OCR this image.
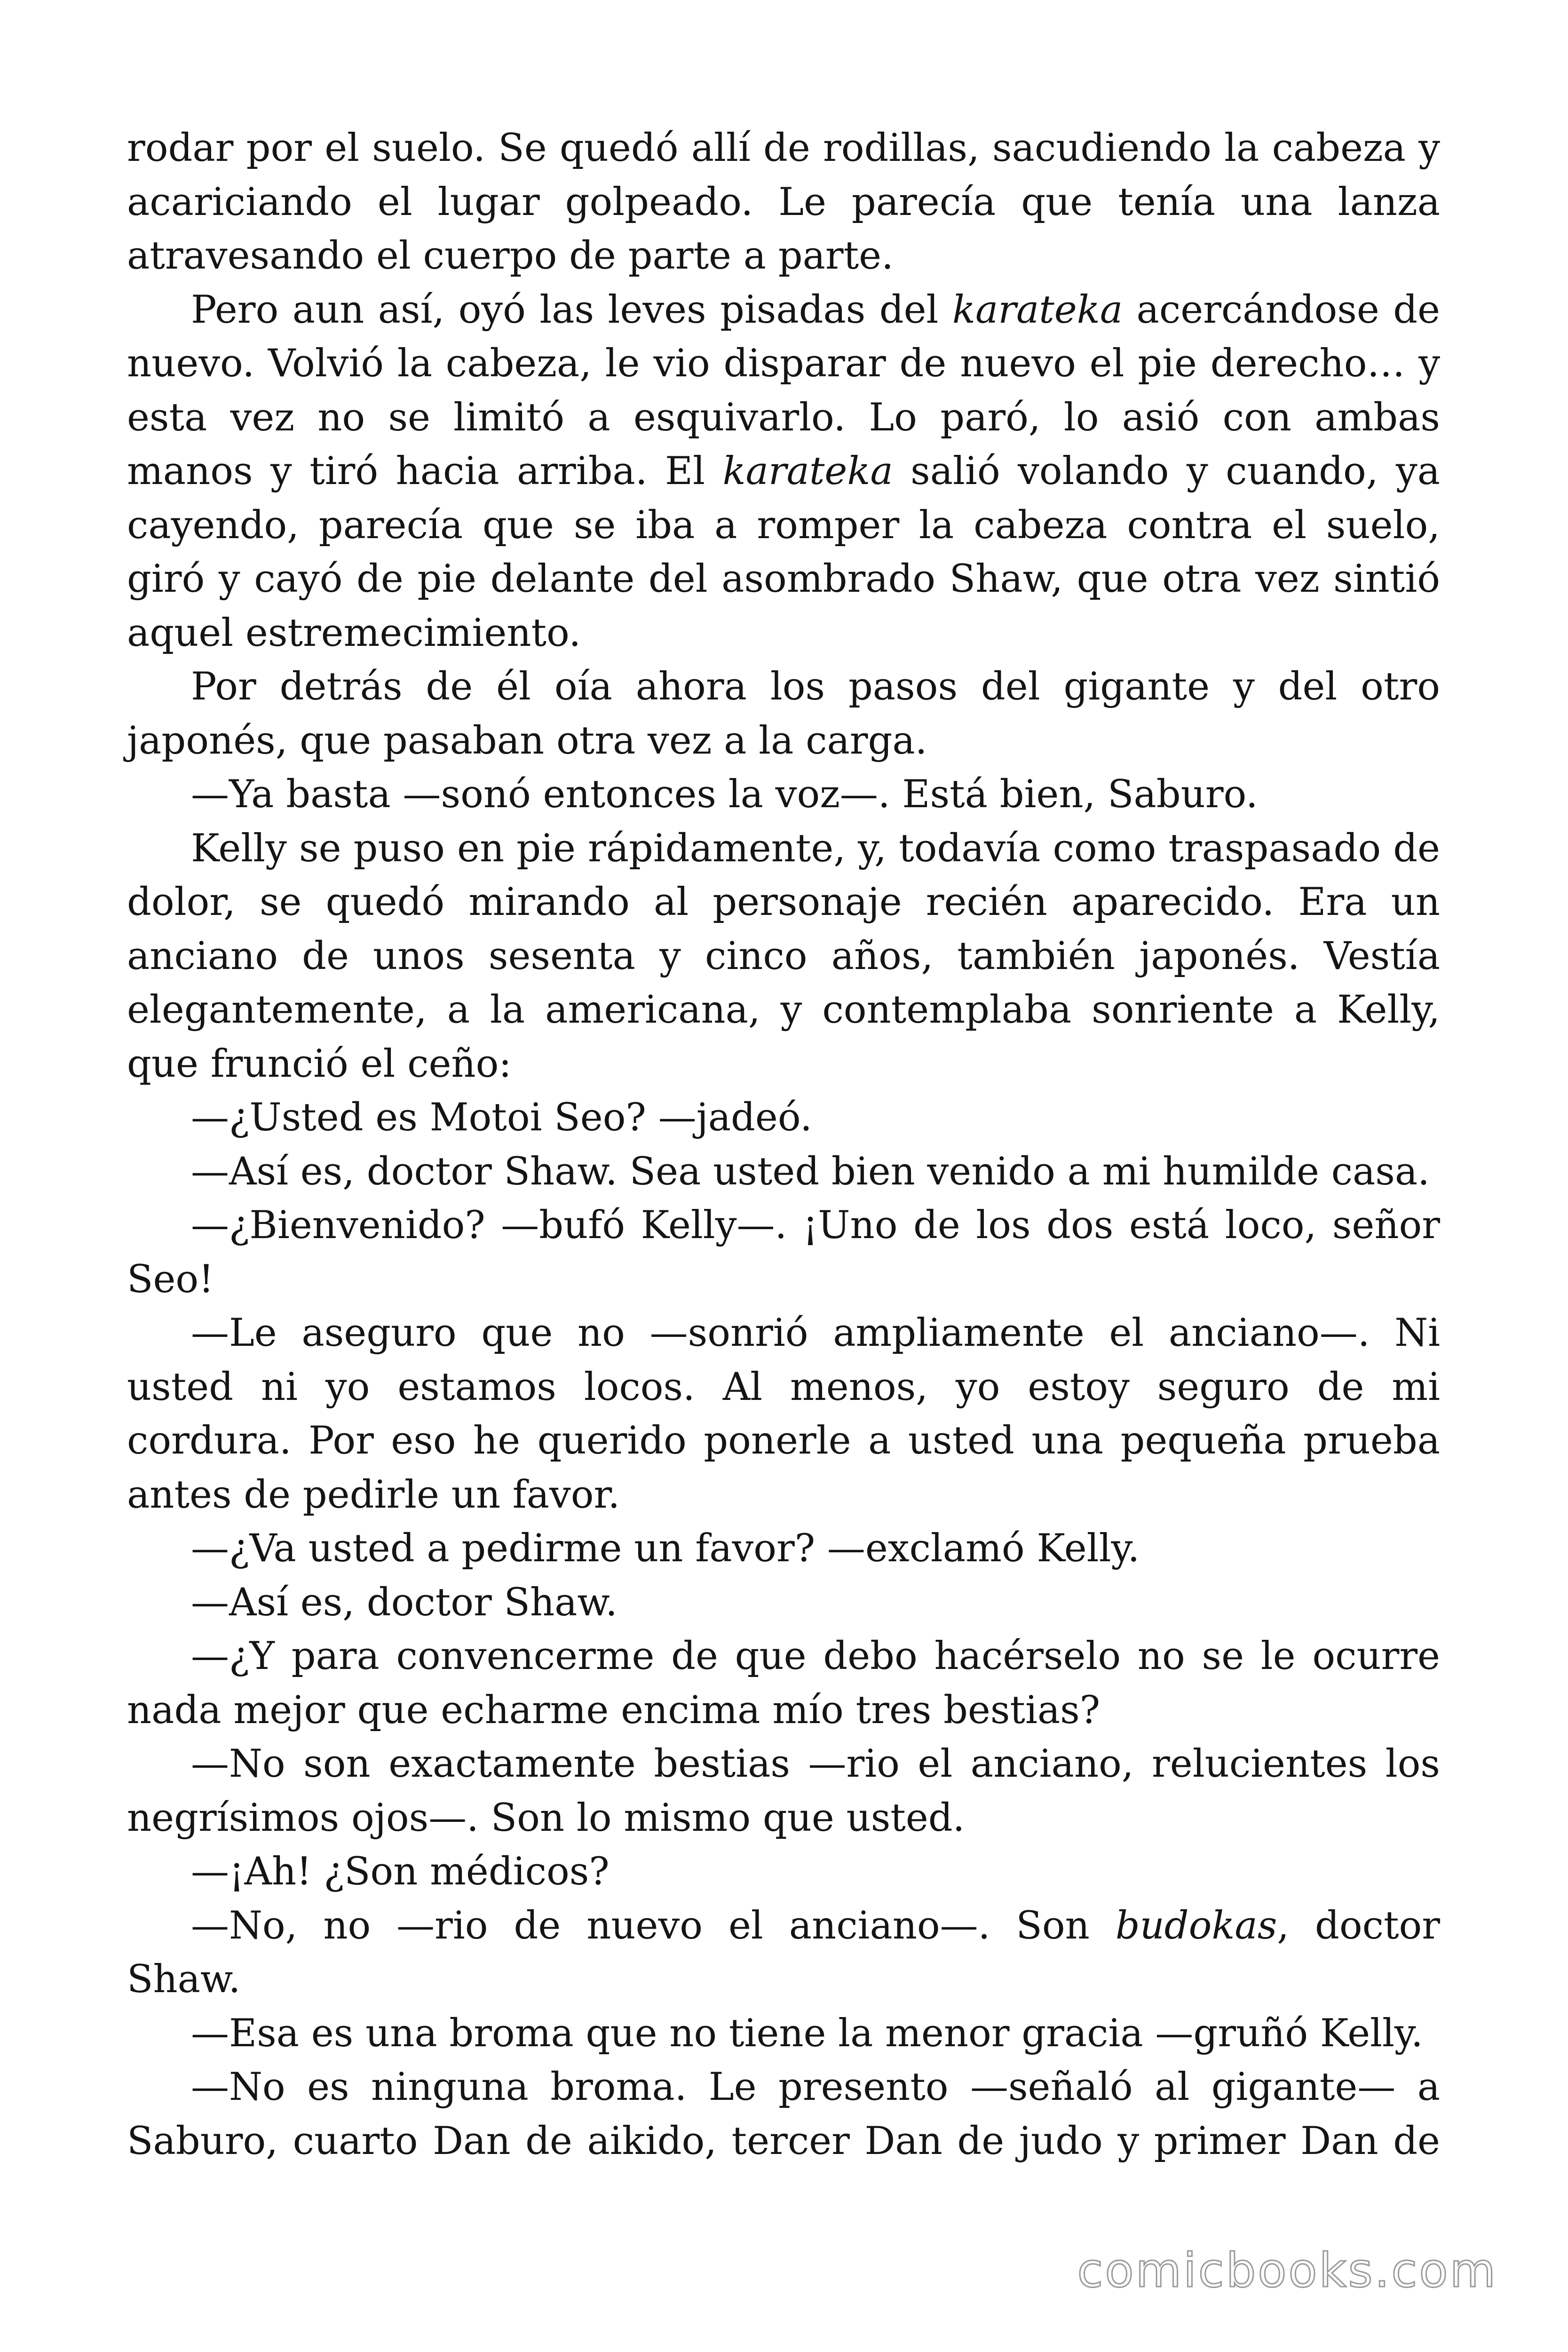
rodar por el suelo. Se quedó allí de rodillas, sacudiendo la cabeza y acariciando el lugar golpeado. Le parecía que tenía una lanza atravesando el cuerpo de parte a parte.

Pero aun así, oyó las leves pisadas del karateka acercándose de nuevo. Volvió la cabeza, le vio disparar de nuevo el pie derecho… y esta vez no se limitó a esquivarlo. Lo paró, lo asió con ambas manos y tiró hacia arriba. El karateka salió volando y cuando, ya cayendo, parecía que se iba a romper la cabeza contra el suelo, giró y cayó de pie delante del asombrado Shaw, que otra vez sintió aquel estremecimiento.

Por detrás de él oía ahora los pasos del gigante y del otro japonés, que pasaban otra vez a la carga.

—Ya basta —sonó entonces la voz—. Está bien, Saburo.

Kelly se puso en pie rápidamente, y, todavía como traspasado de dolor, se quedó mirando al personaje recién aparecido. Era un anciano de unos sesenta y cinco años, también japonés. Vestía elegantemente, a la americana, y contemplaba sonriente a Kelly, que frunció el ceño:

—¿Usted es Motoi Seo? —jadeó.

—Así es, doctor Shaw. Sea usted bien venido a mi humilde casa.

—¿Bienvenido? —bufó Kelly—. ¡Uno de los dos está loco, señor Seo!

—Le aseguro que no —sonrió ampliamente el anciano—. Ni usted ni yo estamos locos. Al menos, yo estoy seguro de mi cordura. Por eso he querido ponerle a usted una pequeña prueba antes de pedirle un favor.

—¿Va usted a pedirme un favor? —exclamó Kelly.

—Así es, doctor Shaw.

—¿Y para convencerme de que debo hacérselo no se le ocurre nada mejor que echarme encima mío tres bestias?

—No son exactamente bestias —rio el anciano, relucientes los negrísimos ojos—. Son lo mismo que usted.

—¡Ah! ¿Son médicos?

—No, no —rio de nuevo el anciano—. Son budokas, doctor Shaw.

—Esa es una broma que no tiene la menor gracia —gruñó Kelly.

—No es ninguna broma. Le presento —señaló al gigante— a Saburo, cuarto Dan de aikido, tercer Dan de judo y primer Dan de

comicbooks.com
